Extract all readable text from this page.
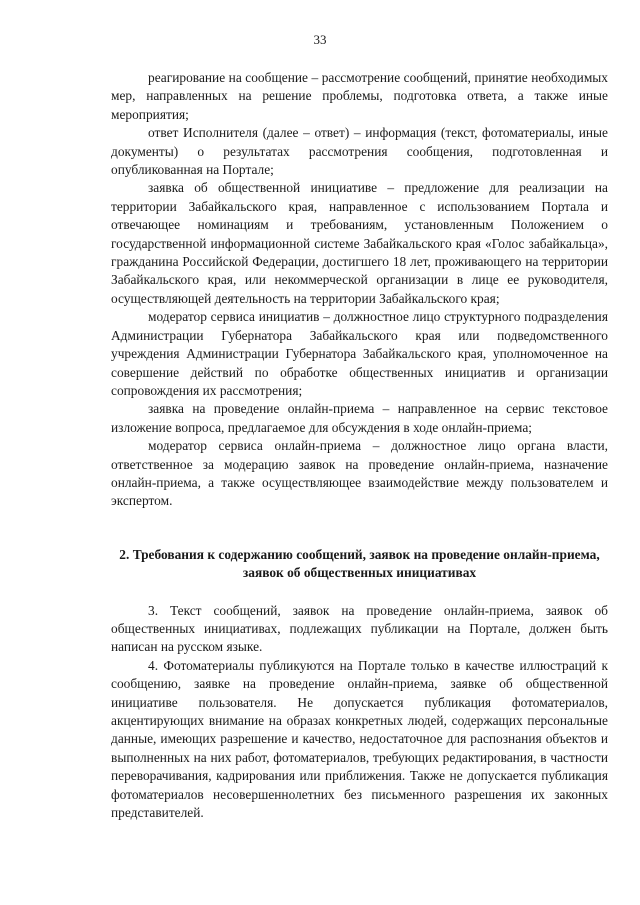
33

реагирование на сообщение – рассмотрение сообщений, принятие необходимых мер, направленных на решение проблемы, подготовка ответа, а также иные мероприятия;

ответ Исполнителя (далее – ответ) – информация (текст, фотоматериалы, иные документы) о результатах рассмотрения сообщения, подготовленная и опубликованная на Портале;

заявка об общественной инициативе – предложение для реализации на территории Забайкальского края, направленное с использованием Портала и отвечающее номинациям и требованиям, установленным Положением о государственной информационной системе Забайкальского края «Голос забайкальца», гражданина Российской Федерации, достигшего 18 лет, проживающего на территории Забайкальского края, или некоммерческой организации в лице ее руководителя, осуществляющей деятельность на территории Забайкальского края;

модератор сервиса инициатив – должностное лицо структурного подразделения Администрации Губернатора Забайкальского края или подведомственного учреждения Администрации Губернатора Забайкальского края, уполномоченное на совершение действий по обработке общественных инициатив и организации сопровождения их рассмотрения;

заявка на проведение онлайн-приема – направленное на сервис текстовое изложение вопроса, предлагаемое для обсуждения в ходе онлайн-приема;

модератор сервиса онлайн-приема – должностное лицо органа власти, ответственное за модерацию заявок на проведение онлайн-приема, назначение онлайн-приема, а также осуществляющее взаимодействие между пользователем и экспертом.

2. Требования к содержанию сообщений, заявок на проведение онлайн-приема, заявок об общественных инициативах

3. Текст сообщений, заявок на проведение онлайн-приема, заявок об общественных инициативах, подлежащих публикации на Портале, должен быть написан на русском языке.

4. Фотоматериалы публикуются на Портале только в качестве иллюстраций к сообщению, заявке на проведение онлайн-приема, заявке об общественной инициативе пользователя. Не допускается публикация фотоматериалов, акцентирующих внимание на образах конкретных людей, содержащих персональные данные, имеющих разрешение и качество, недостаточное для распознания объектов и выполненных на них работ, фотоматериалов, требующих редактирования, в частности переворачивания, кадрирования или приближения. Также не допускается публикация фотоматериалов несовершеннолетних без письменного разрешения их законных представителей.
